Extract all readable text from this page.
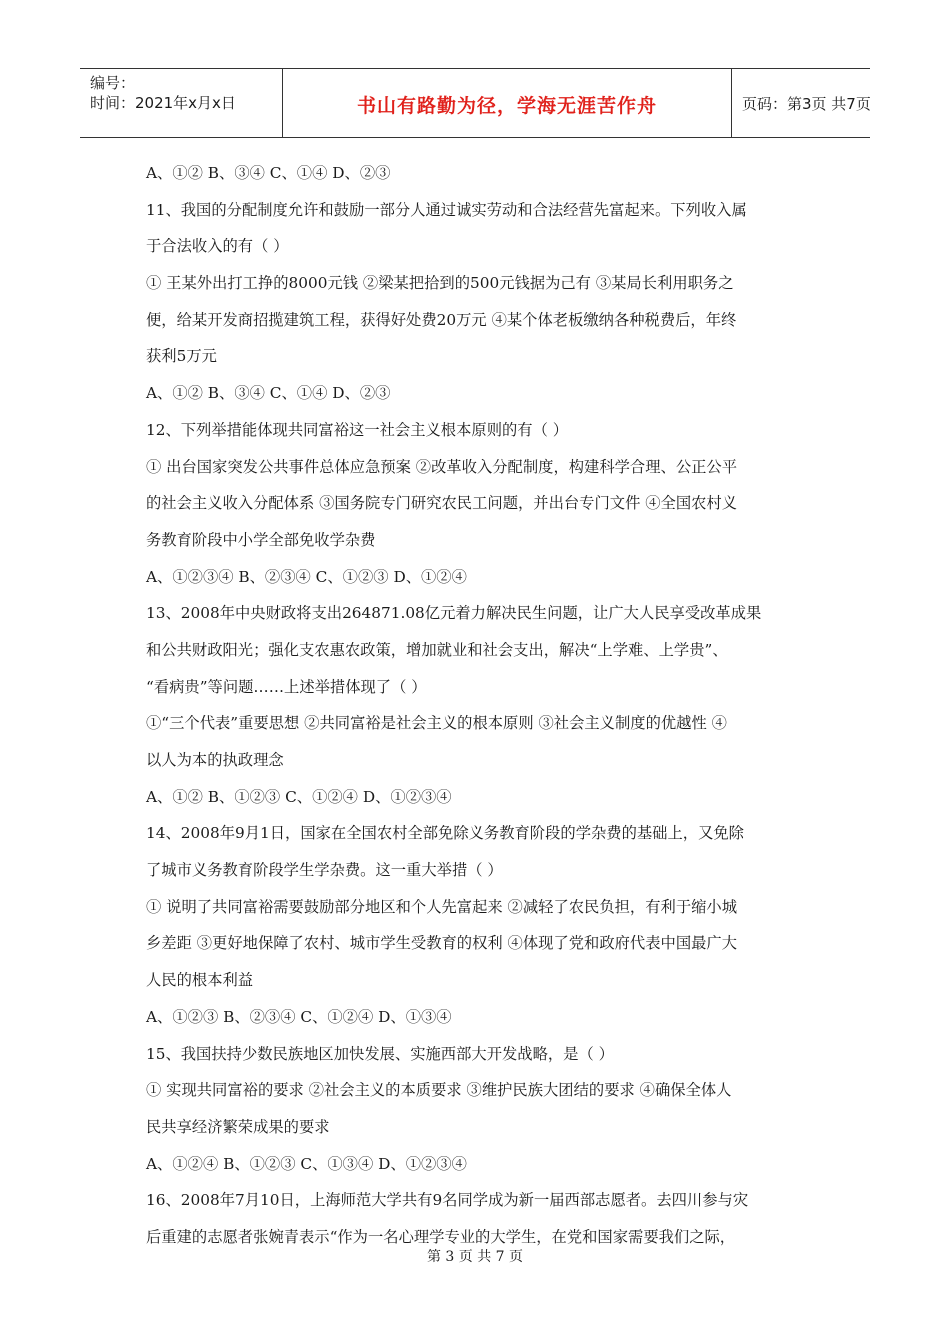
编号：
时间：2021年x月x日	书山有路勤为径，学海无涯苦作舟	页码：第3页 共7页
A、①② B、③④ C、①④ D、②③
11、我国的分配制度允许和鼓励一部分人通过诚实劳动和合法经营先富起来。下列收入属
于合法收入的有（ ）
① 王某外出打工挣的8000元钱 ②梁某把拾到的500元钱据为己有 ③某局长利用职务之
便，给某开发商招揽建筑工程，获得好处费20万元 ④某个体老板缴纳各种税费后，年终
获利5万元
A、①② B、③④ C、①④ D、②③
12、下列举措能体现共同富裕这一社会主义根本原则的有（ ）
① 出台国家突发公共事件总体应急预案 ②改革收入分配制度，构建科学合理、公正公平
的社会主义收入分配体系 ③国务院专门研究农民工问题，并出台专门文件 ④全国农村义
务教育阶段中小学全部免收学杂费
A、①②③④ B、②③④ C、①②③ D、①②④
13、2008年中央财政将支出264871.08亿元着力解决民生问题，让广大人民享受改革成果
和公共财政阳光；强化支农惠农政策，增加就业和社会支出，解决“上学难、上学贵”、
“看病贵”等问题……上述举措体现了（ ）
①“三个代表”重要思想 ②共同富裕是社会主义的根本原则 ③社会主义制度的优越性 ④
以人为本的执政理念
A、①② B、①②③ C、①②④ D、①②③④
14、2008年9月1日，国家在全国农村全部免除义务教育阶段的学杂费的基础上，又免除
了城市义务教育阶段学生学杂费。这一重大举措（ ）
① 说明了共同富裕需要鼓励部分地区和个人先富起来 ②减轻了农民负担，有利于缩小城
乡差距 ③更好地保障了农村、城市学生受教育的权利 ④体现了党和政府代表中国最广大
人民的根本利益
A、①②③ B、②③④ C、①②④ D、①③④
15、我国扶持少数民族地区加快发展、实施西部大开发战略，是（ ）
① 实现共同富裕的要求 ②社会主义的本质要求 ③维护民族大团结的要求 ④确保全体人
民共享经济繁荣成果的要求
A、①②④ B、①②③ C、①③④ D、①②③④
16、2008年7月10日，上海师范大学共有9名同学成为新一届西部志愿者。去四川参与灾
后重建的志愿者张婉青表示“作为一名心理学专业的大学生，在党和国家需要我们之际，
第 3 页 共 7 页
